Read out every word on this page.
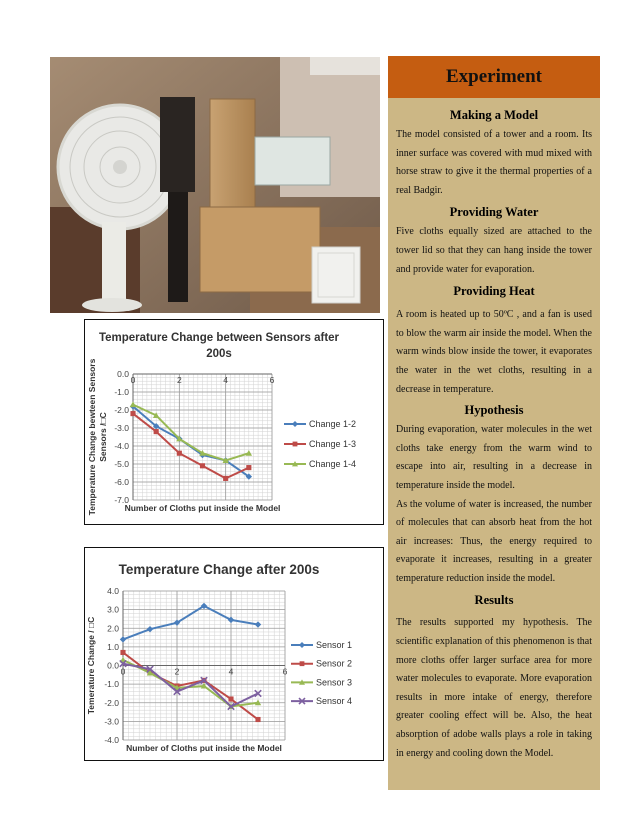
Temperature Change between Sensors after
200s
0.0
-1.0
-2.0
-3.0
-4.0
-5.0
-6.0
-7.0
0	2	4	6
Number of Cloths put inside the Model
Temperature Change bewteen Sensors Sensors /□C	Change 1-2
Change 1-3
Change 1-4
Temperature Change after 200s
4.0
3.0
2.0
1.0
0.0
-1.0
-2.0
-3.0
-4.0
0	2	4	6
Number of Cloths put inside the Model
Temerature Change / □C	Sensor 1
Sensor 2
Sensor 3
Sensor 4
Experiment
Making a Model

The model consisted of a tower and a room. Its inner surface was covered with mud mixed with horse straw to give it the thermal properties of a real Badgir.

Providing Water

Five cloths equally sized are attached to the tower lid so that they can hang inside the tower and provide water for evaporation.

Providing Heat

A room is heated up to 50ºC , and a fan is used to blow the warm air inside the model. When the warm winds blow inside the tower, it evaporates the water in the wet cloths, resulting in a decrease in temperature.

Hypothesis

During evaporation, water molecules in the wet cloths take energy from the warm wind to escape into air, resulting in a decrease in temperature inside the model.

As the volume of water is increased, the number of molecules that can absorb heat from the hot air increases: Thus, the energy required to evaporate it increases, resulting in a greater temperature reduction inside the model.

Results

The results supported my hypothesis. The scientific explanation of this phenomenon is that more cloths offer larger surface area for more water molecules to evaporate. More evaporation results in more intake of energy, therefore greater cooling effect will be. Also, the heat absorption of adobe walls plays a role in taking in energy and cooling down the Model.
